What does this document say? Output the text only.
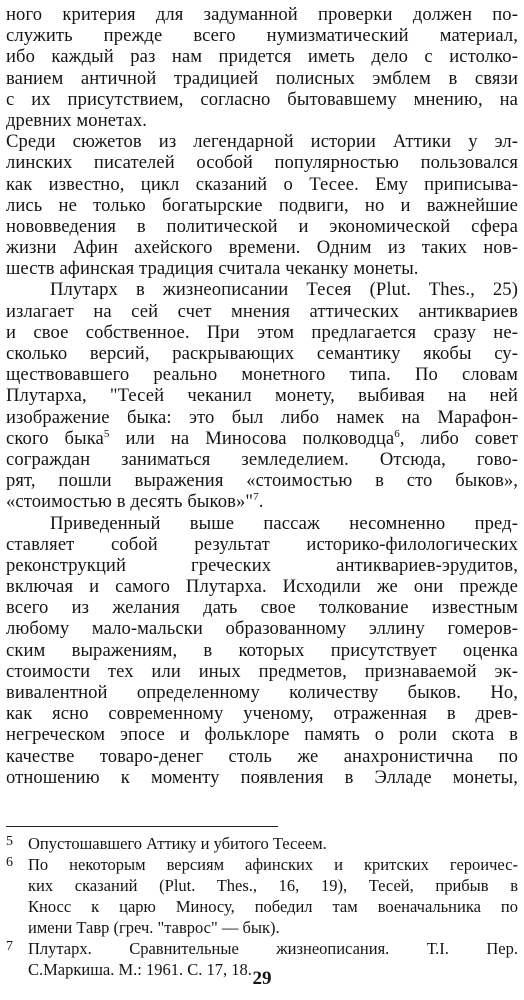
ного критерия для задуманной проверки должен по-
служить прежде всего нумизматический материал,
ибо каждый раз нам придется иметь дело с истолко-
ванием античной традицией полисных эмблем в связи
с их присутствием, согласно бытовавшему мнению, на
древних монетах.
Среди сюжетов из легендарной истории Аттики у эл-
линских писателей особой популярностью пользовался
как известно, цикл сказаний о Тесее. Ему приписыва-
лись не только богатырские подвиги, но и важнейшие
нововведения в политической и экономической сфера
жизни Афин ахейского времени. Одним из таких нов-
шеств афинская традиция считала чеканку монеты.
Плутарх в жизнеописании Тесея (Plut. Thes., 25)
излагает на сей счет мнения аттических антиквариев
и свое собственное. При этом предлагается сразу не-
сколько версий, раскрывающих семантику якобы су-
ществовавшего реально монетного типа. По словам
Плутарха, "Тесей чеканил монету, выбивая на ней
изображение быка: это был либо намек на Марафон-
ского быка$^5$ или на Миносова полководца$^6$, либо совет
сограждан заниматься земледелием. Отсюда, гово-
рят, пошли выражения «стоимостью в сто быков»,
«стоимостью в десять быков»"$^7$.
Приведенный выше пассаж несомненно пред-
ставляет собой результат историко-филологических
реконструкций греческих антиквариев-эрудитов,
включая и самого Плутарха. Исходили же они прежде
всего из желания дать свое толкование известным
любому мало-мальски образованному эллину гомеров-
ским выражениям, в которых присутствует оценка
стоимости тех или иных предметов, признаваемой эк-
вивалентной определенному количеству быков. Но,
как ясно современному ученому, отраженная в древ-
негреческом эпосе и фольклоре память о роли скота в
качестве товаро-денег столь же анахронистична по
отношению к моменту появления в Элладе монеты,
5 Опустошавшего Аттику и убитого Тесеем.
6 По некоторым версиям афинских и критских героичес-
ких сказаний (Plut. Thes., 16, 19), Тесей, прибыв в
Кносс к царю Миносу, победил там военачальника по
имени Тавр (греч. "таврос" — бык).
7 Плутарх. Сравнительные жизнеописания. Т.I. Пер.
С.Маркиша. М.: 1961. С. 17, 18. 29
